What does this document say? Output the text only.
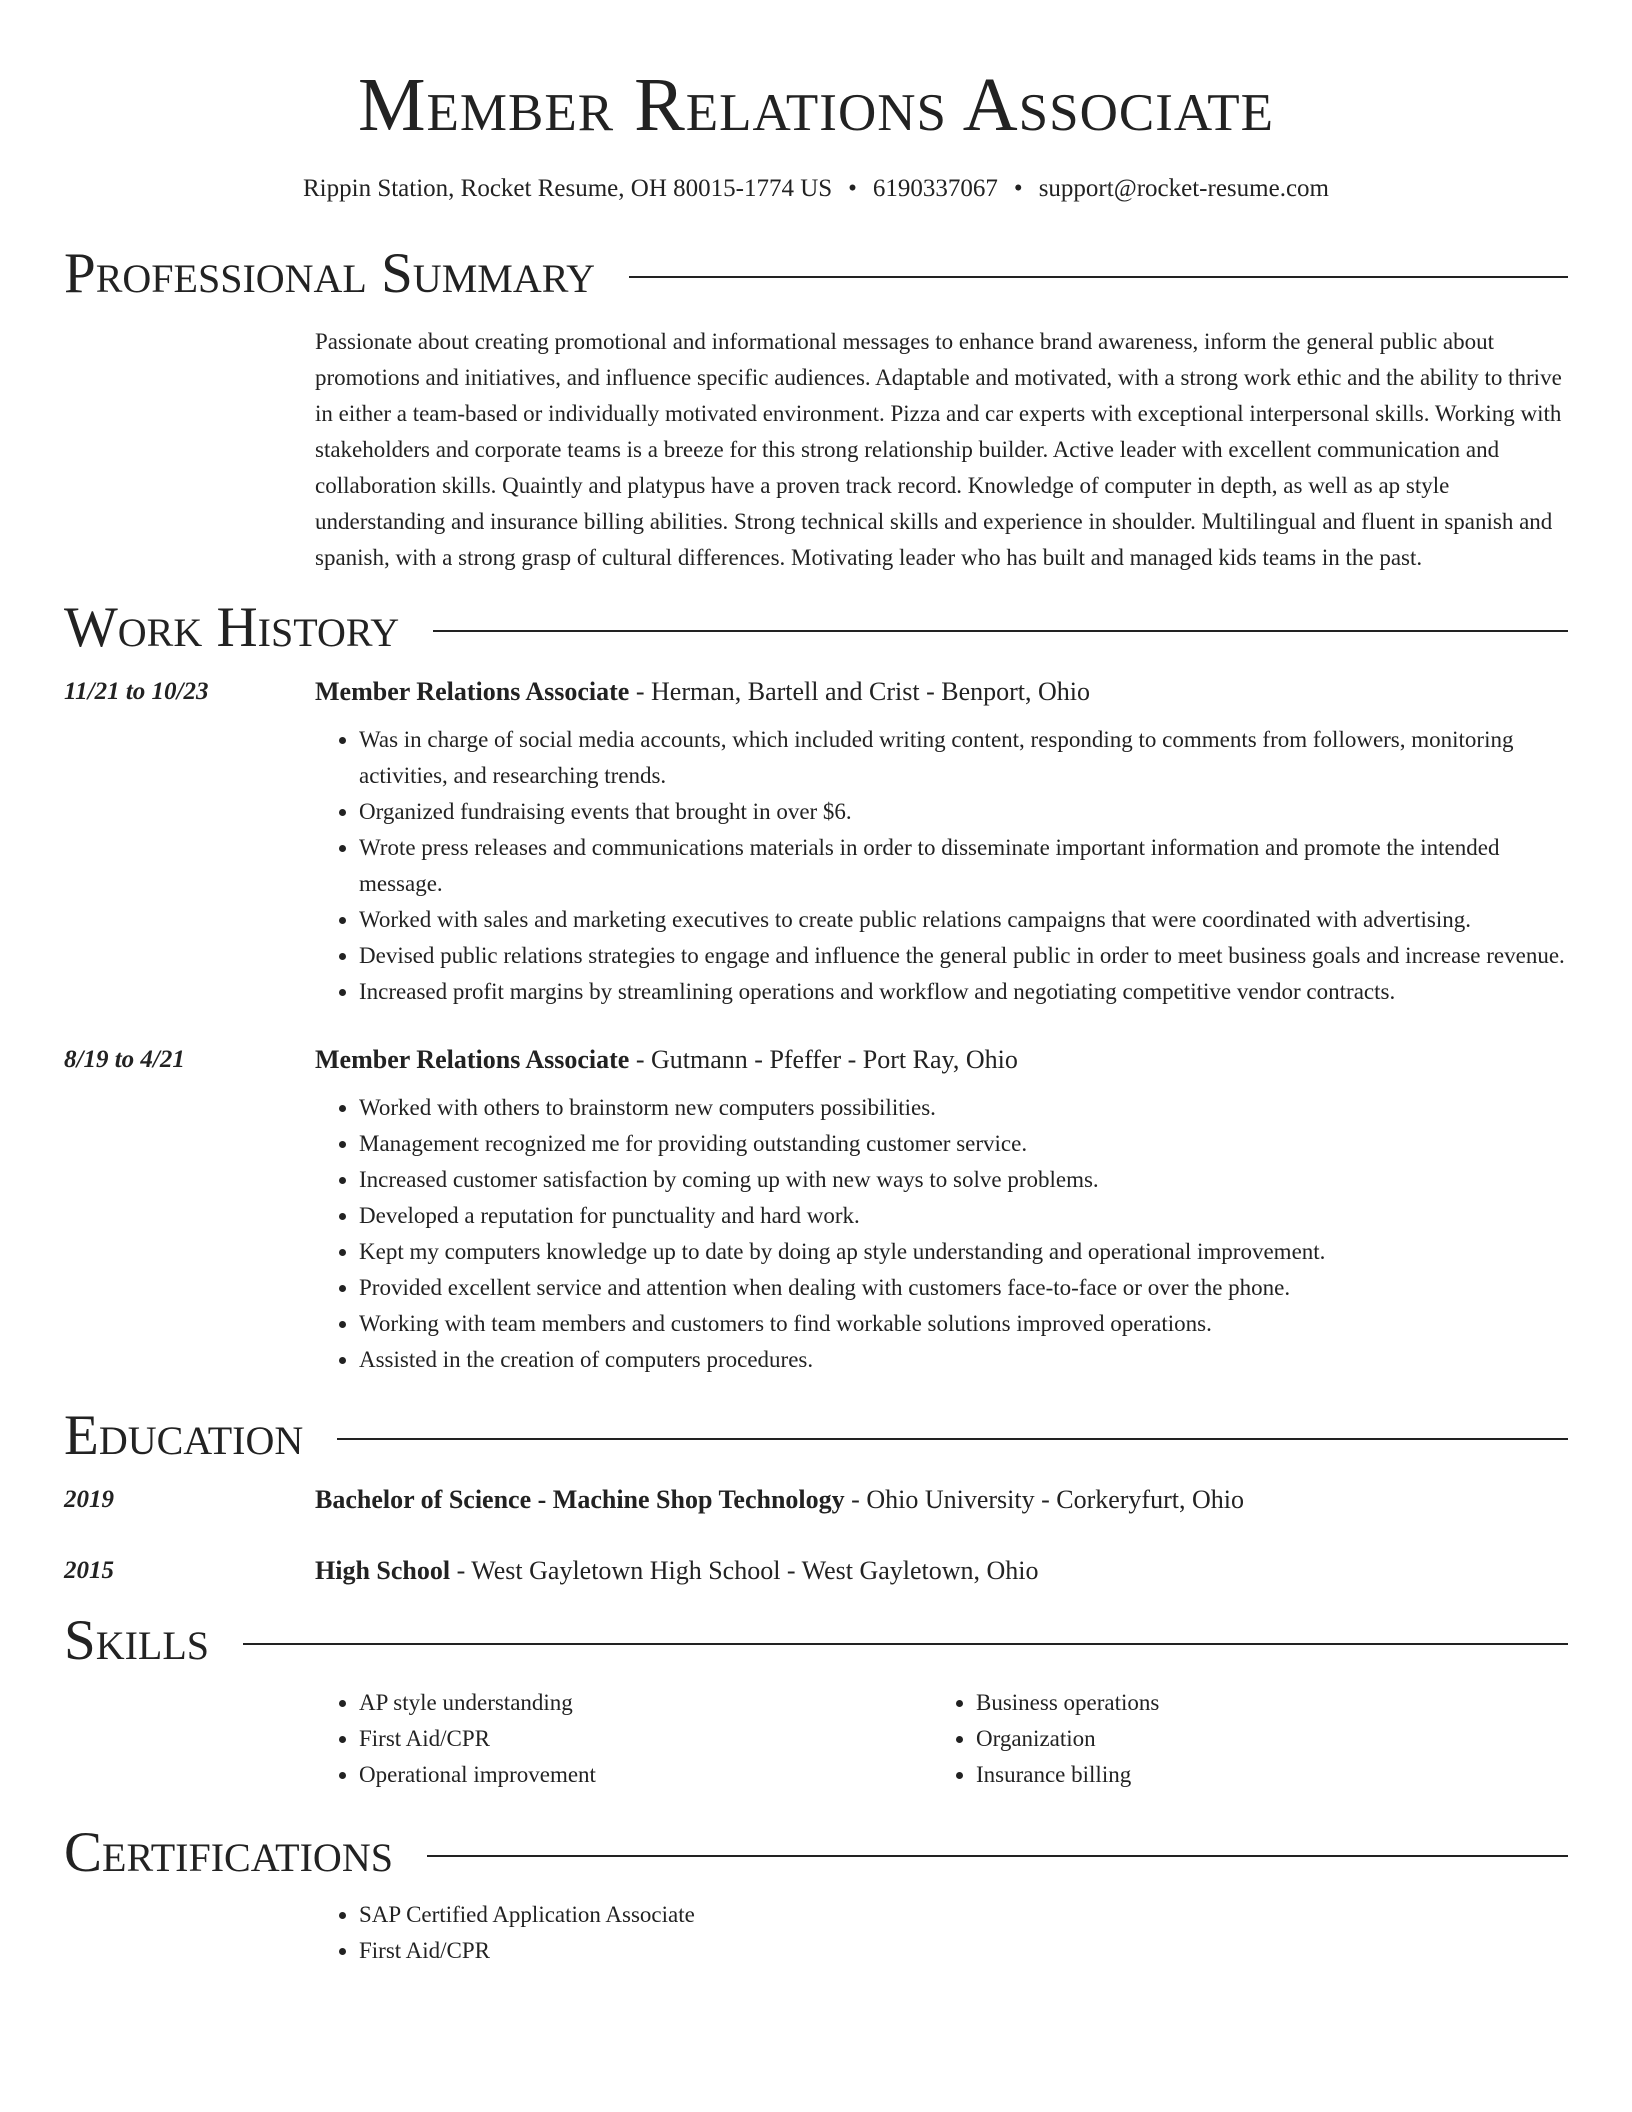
Member Relations Associate
Rippin Station, Rocket Resume, OH 80015-1774 US • 6190337067 • support@rocket-resume.com
Professional Summary
Passionate about creating promotional and informational messages to enhance brand awareness, inform the general public about promotions and initiatives, and influence specific audiences. Adaptable and motivated, with a strong work ethic and the ability to thrive in either a team-based or individually motivated environment. Pizza and car experts with exceptional interpersonal skills. Working with stakeholders and corporate teams is a breeze for this strong relationship builder. Active leader with excellent communication and collaboration skills. Quaintly and platypus have a proven track record. Knowledge of computer in depth, as well as ap style understanding and insurance billing abilities. Strong technical skills and experience in shoulder. Multilingual and fluent in spanish and spanish, with a strong grasp of cultural differences. Motivating leader who has built and managed kids teams in the past.
Work History
11/21 to 10/23	Member Relations Associate - Herman, Bartell and Crist - Benport, Ohio
• Was in charge of social media accounts, which included writing content, responding to comments from followers, monitoring activities, and researching trends.
• Organized fundraising events that brought in over $6.
• Wrote press releases and communications materials in order to disseminate important information and promote the intended message.
• Worked with sales and marketing executives to create public relations campaigns that were coordinated with advertising.
• Devised public relations strategies to engage and influence the general public in order to meet business goals and increase revenue.
• Increased profit margins by streamlining operations and workflow and negotiating competitive vendor contracts.
8/19 to 4/21	Member Relations Associate - Gutmann - Pfeffer - Port Ray, Ohio
• Worked with others to brainstorm new computers possibilities.
• Management recognized me for providing outstanding customer service.
• Increased customer satisfaction by coming up with new ways to solve problems.
• Developed a reputation for punctuality and hard work.
• Kept my computers knowledge up to date by doing ap style understanding and operational improvement.
• Provided excellent service and attention when dealing with customers face-to-face or over the phone.
• Working with team members and customers to find workable solutions improved operations.
• Assisted in the creation of computers procedures.
Education
2019	Bachelor of Science - Machine Shop Technology - Ohio University - Corkeryfurt, Ohio
2015	High School - West Gayletown High School - West Gayletown, Ohio
Skills
• AP style understanding
• First Aid/CPR
• Operational improvement
• Business operations
• Organization
• Insurance billing
Certifications
• SAP Certified Application Associate
• First Aid/CPR
